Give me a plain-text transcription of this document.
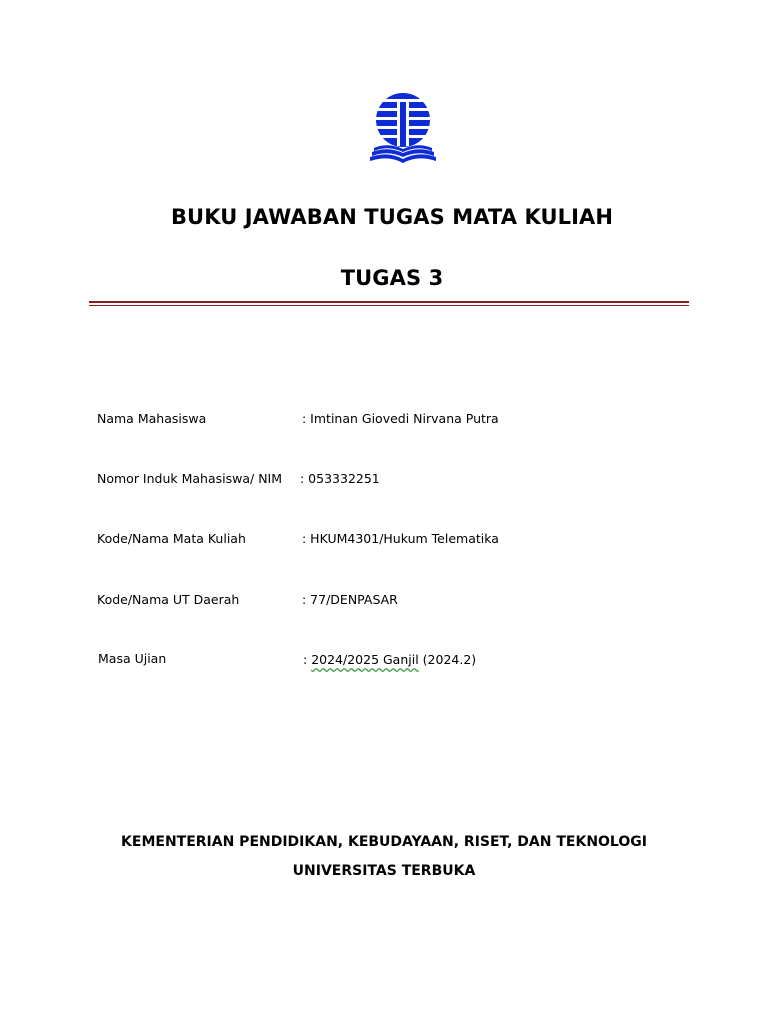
BUKU JAWABAN TUGAS MATA KULIAH
TUGAS 3
Nama Mahasiswa	: Imtinan Giovedi Nirvana Putra
Nomor Induk Mahasiswa/ NIM : 053332251
Kode/Nama Mata Kuliah	: HKUM4301/Hukum Telematika
Kode/Nama UT Daerah	: 77/DENPASAR
Masa Ujian	: 2024/2025 Ganjil (2024.2)
KEMENTERIAN PENDIDIKAN, KEBUDAYAAN, RISET, DAN TEKNOLOGI
UNIVERSITAS TERBUKA
